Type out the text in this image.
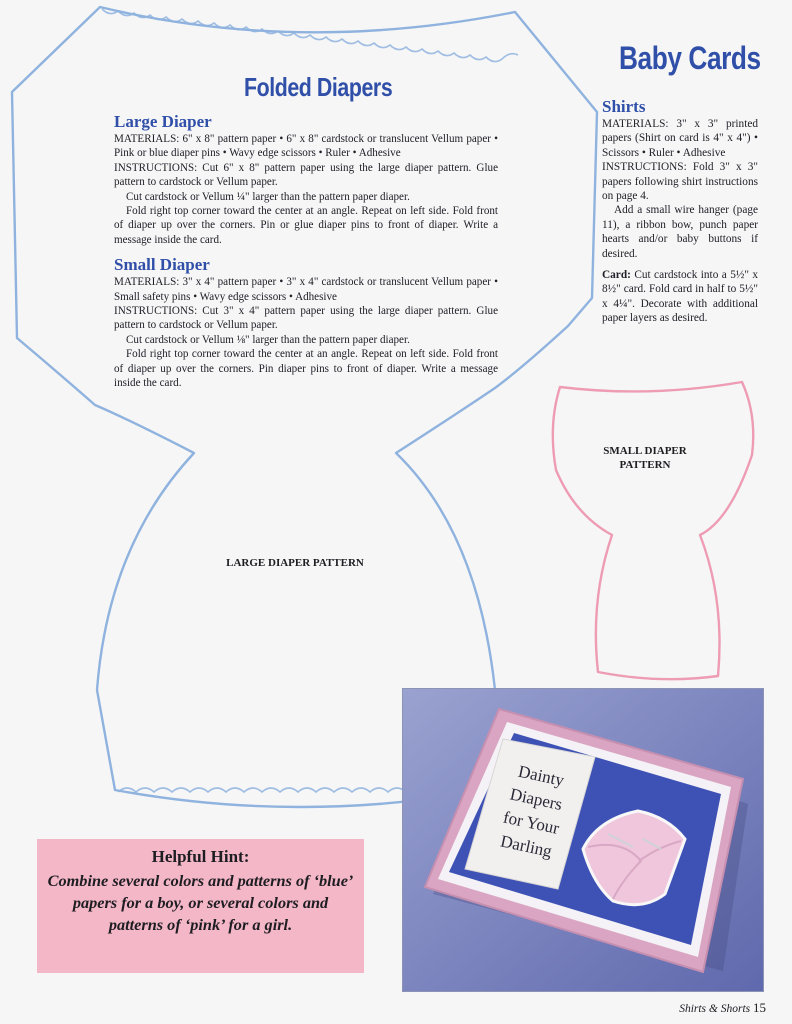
Folded Diapers
Baby Cards
Large Diaper

MATERIALS: 6" x 8" pattern paper • 6" x 8" cardstock or translucent Vellum paper • Pink or blue diaper pins • Wavy edge scissors • Ruler • Adhesive

INSTRUCTIONS: Cut 6" x 8" pattern paper using the large diaper pattern. Glue pattern to cardstock or Vellum paper.

Cut cardstock or Vellum ¼" larger than the pattern paper diaper.

Fold right top corner toward the center at an angle. Repeat on left side. Fold front of diaper up over the corners. Pin or glue diaper pins to front of diaper. Write a message inside the card.

Small Diaper

MATERIALS: 3" x 4" pattern paper • 3" x 4" cardstock or translucent Vellum paper • Small safety pins • Wavy edge scissors • Adhesive

INSTRUCTIONS: Cut 3" x 4" pattern paper using the large diaper pattern. Glue pattern to cardstock or Vellum paper.

Cut cardstock or Vellum ⅛" larger than the pattern paper diaper.

Fold right top corner toward the center at an angle. Repeat on left side. Fold front of diaper up over the corners. Pin diaper pins to front of diaper. Write a message inside the card.

Shirts

MATERIALS: 3" x 3" printed papers (Shirt on card is 4" x 4") • Scissors • Ruler • Adhesive

INSTRUCTIONS: Fold 3" x 3" papers following shirt instructions on page 4.

Add a small wire hanger (page 11), a ribbon bow, punch paper hearts and/or baby buttons if desired.

Card: Cut cardstock into a 5½" x 8½" card. Fold card in half to 5½" x 4¼". Decorate with additional paper layers as desired.

LARGE DIAPER PATTERN
SMALL DIAPER PATTERN
Helpful Hint:
Combine several colors and patterns of ‘blue’ papers for a boy, or several colors and patterns of ‘pink’ for a girl.
Dainty
Diapers
for Your
Darling
Shirts & Shorts 15
